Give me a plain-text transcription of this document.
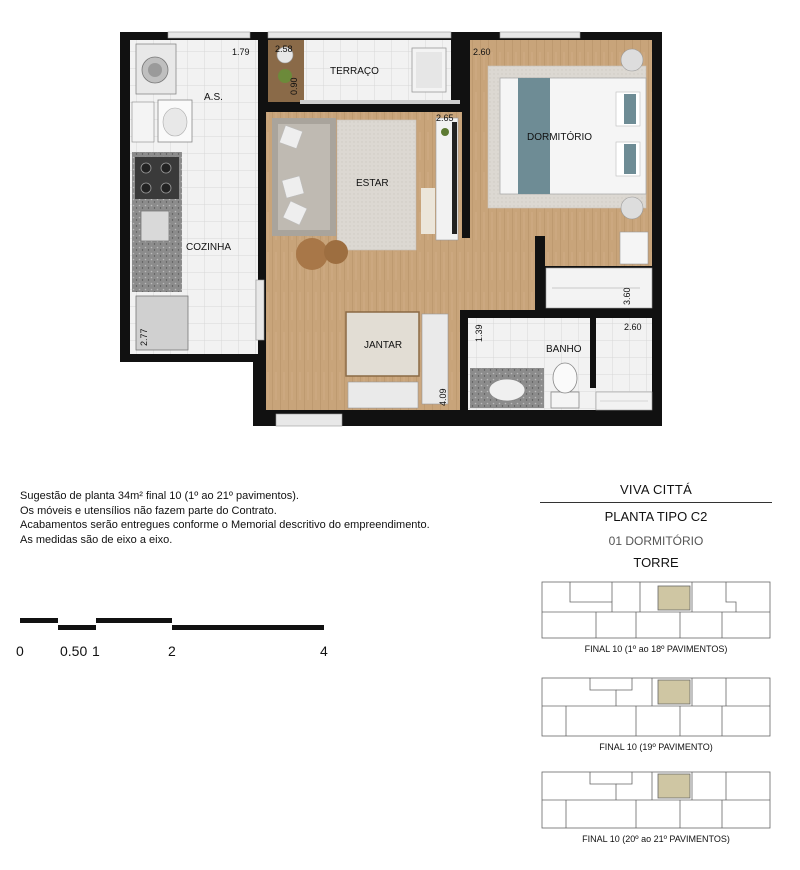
A.S.
TERRAÇO
DORMITÓRIO
ESTAR
COZINHA
JANTAR	BANHO
1.79	2.58
0.90
2.60
2.65
3.60
2.77	1.39	2.60
4.09
Sugestão de planta 34m² final 10 (1º ao 21º pavimentos).
Os móveis e utensílios não fazem parte do Contrato.
Acabamentos serão entregues conforme o Memorial descritivo do empreendimento.
As medidas são de eixo a eixo.
0	0.50 1	2	4
VIVA CITTÁ
PLANTA TIPO C2
01 DORMITÓRIO
TORRE
FINAL 10 (1º ao 18º PAVIMENTOS)
FINAL 10 (19º PAVIMENTO)
FINAL 10 (20º ao 21º PAVIMENTOS)
